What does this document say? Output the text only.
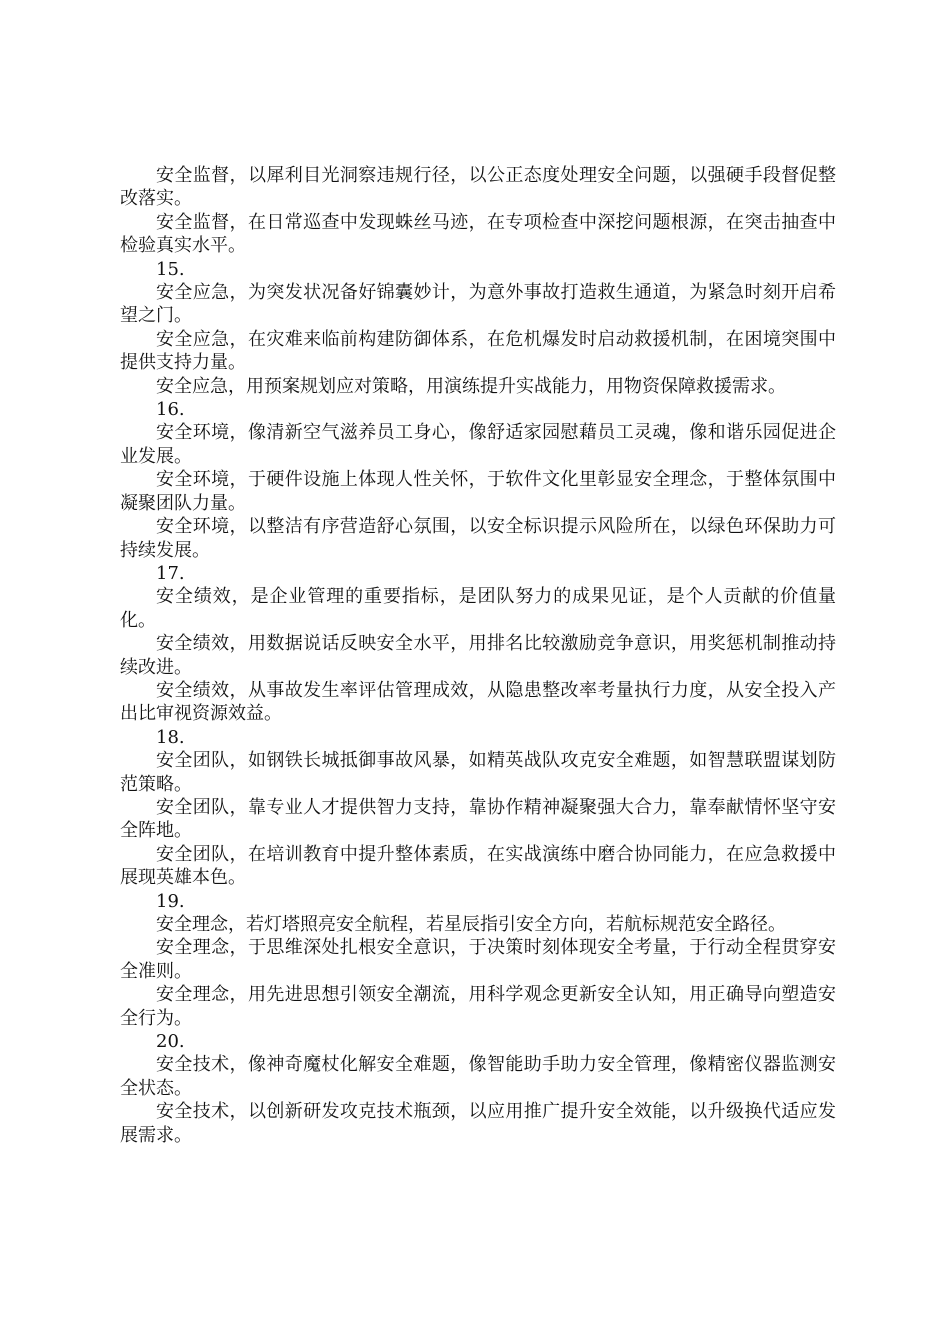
安全监督，以犀利目光洞察违规行径，以公正态度处理安全问题，以强硬手段督促整改落实。

安全监督，在日常巡查中发现蛛丝马迹，在专项检查中深挖问题根源，在突击抽查中检验真实水平。

15.

安全应急，为突发状况备好锦囊妙计，为意外事故打造救生通道，为紧急时刻开启希望之门。

安全应急，在灾难来临前构建防御体系，在危机爆发时启动救援机制，在困境突围中提供支持力量。

安全应急，用预案规划应对策略，用演练提升实战能力，用物资保障救援需求。

16.

安全环境，像清新空气滋养员工身心，像舒适家园慰藉员工灵魂，像和谐乐园促进企业发展。

安全环境，于硬件设施上体现人性关怀，于软件文化里彰显安全理念，于整体氛围中凝聚团队力量。

安全环境，以整洁有序营造舒心氛围，以安全标识提示风险所在，以绿色环保助力可持续发展。

17.

安全绩效，是企业管理的重要指标，是团队努力的成果见证，是个人贡献的价值量化。

安全绩效，用数据说话反映安全水平，用排名比较激励竞争意识，用奖惩机制推动持续改进。

安全绩效，从事故发生率评估管理成效，从隐患整改率考量执行力度，从安全投入产出比审视资源效益。

18.

安全团队，如钢铁长城抵御事故风暴，如精英战队攻克安全难题，如智慧联盟谋划防范策略。

安全团队，靠专业人才提供智力支持，靠协作精神凝聚强大合力，靠奉献情怀坚守安全阵地。

安全团队，在培训教育中提升整体素质，在实战演练中磨合协同能力，在应急救援中展现英雄本色。

19.

安全理念，若灯塔照亮安全航程，若星辰指引安全方向，若航标规范安全路径。

安全理念，于思维深处扎根安全意识，于决策时刻体现安全考量，于行动全程贯穿安全准则。

安全理念，用先进思想引领安全潮流，用科学观念更新安全认知，用正确导向塑造安全行为。

20.

安全技术，像神奇魔杖化解安全难题，像智能助手助力安全管理，像精密仪器监测安全状态。

安全技术，以创新研发攻克技术瓶颈，以应用推广提升安全效能，以升级换代适应发展需求。
